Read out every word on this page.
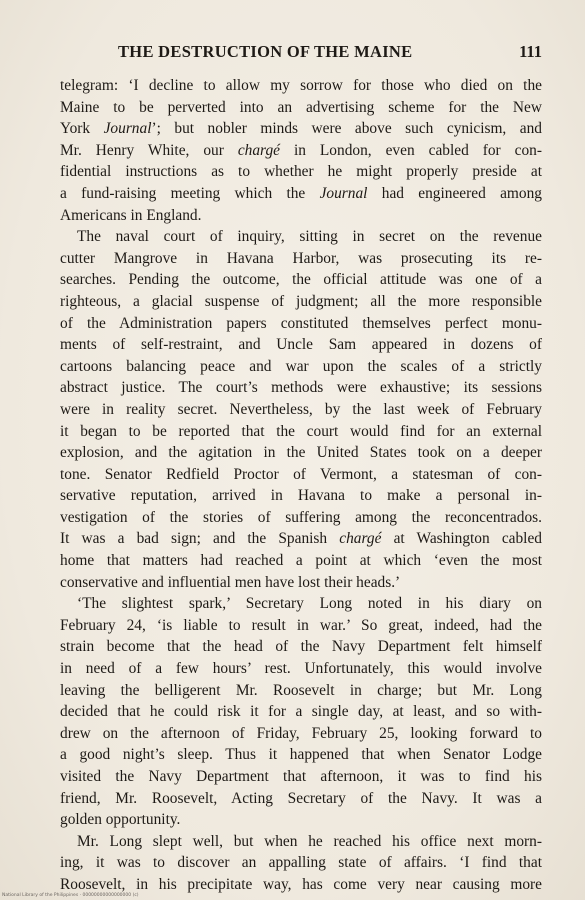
THE DESTRUCTION OF THE MAINE	111
telegram: ‘I decline to allow my sorrow for those who died on the
Maine to be perverted into an advertising scheme for the New
York Journal’; but nobler minds were above such cynicism, and
Mr. Henry White, our chargé in London, even cabled for con-
fidential instructions as to whether he might properly preside at
a fund-raising meeting which the Journal had engineered among
Americans in England.
The naval court of inquiry, sitting in secret on the revenue
cutter Mangrove in Havana Harbor, was prosecuting its re-
searches. Pending the outcome, the official attitude was one of a
righteous, a glacial suspense of judgment; all the more responsible
of the Administration papers constituted themselves perfect monu-
ments of self-restraint, and Uncle Sam appeared in dozens of
cartoons balancing peace and war upon the scales of a strictly
abstract justice. The court’s methods were exhaustive; its sessions
were in reality secret. Nevertheless, by the last week of February
it began to be reported that the court would find for an external
explosion, and the agitation in the United States took on a deeper
tone. Senator Redfield Proctor of Vermont, a statesman of con-
servative reputation, arrived in Havana to make a personal in-
vestigation of the stories of suffering among the reconcentrados.
It was a bad sign; and the Spanish chargé at Washington cabled
home that matters had reached a point at which ‘even the most
conservative and influential men have lost their heads.’
‘The slightest spark,’ Secretary Long noted in his diary on
February 24, ‘is liable to result in war.’ So great, indeed, had the
strain become that the head of the Navy Department felt himself
in need of a few hours’ rest. Unfortunately, this would involve
leaving the belligerent Mr. Roosevelt in charge; but Mr. Long
decided that he could risk it for a single day, at least, and so with-
drew on the afternoon of Friday, February 25, looking forward to
a good night’s sleep. Thus it happened that when Senator Lodge
visited the Navy Department that afternoon, it was to find his
friend, Mr. Roosevelt, Acting Secretary of the Navy. It was a
golden opportunity.
Mr. Long slept well, but when he reached his office next morn-
ing, it was to discover an appalling state of affairs. ‘I find that
Roosevelt, in his precipitate way, has come very near causing more
National Library of the Philippines · 00000000000000000 (c)
